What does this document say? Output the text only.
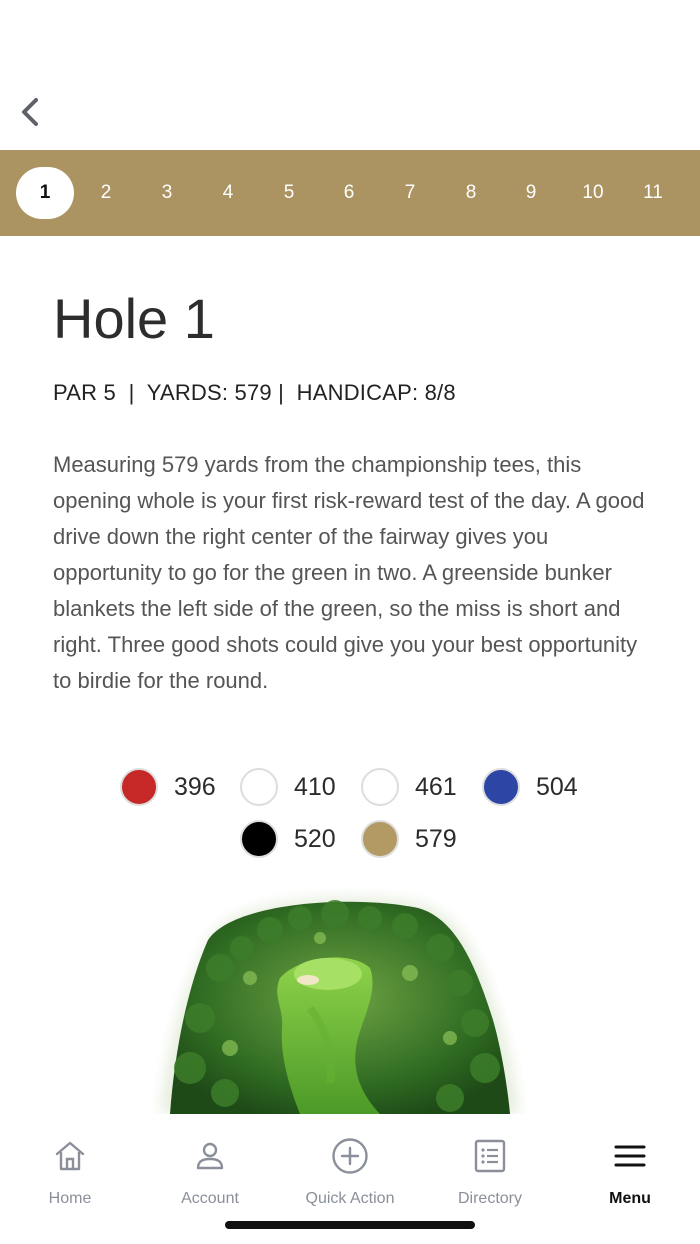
1	2	3	4	5	6	7	8	9	10	11
Hole 1
PAR 5  |  YARDS: 579 |  HANDICAP: 8/8

Measuring 579 yards from the championship tees, this opening whole is your first risk-reward test of the day. A good drive down the right center of the fairway gives you opportunity to go for the green in two. A greenside bunker blankets the left side of the green, so the miss is short and right. Three good shots could give you your best opportunity to birdie for the round.

396	410	461	504
520	579
Home	Account	Quick Action	Directory	Menu
